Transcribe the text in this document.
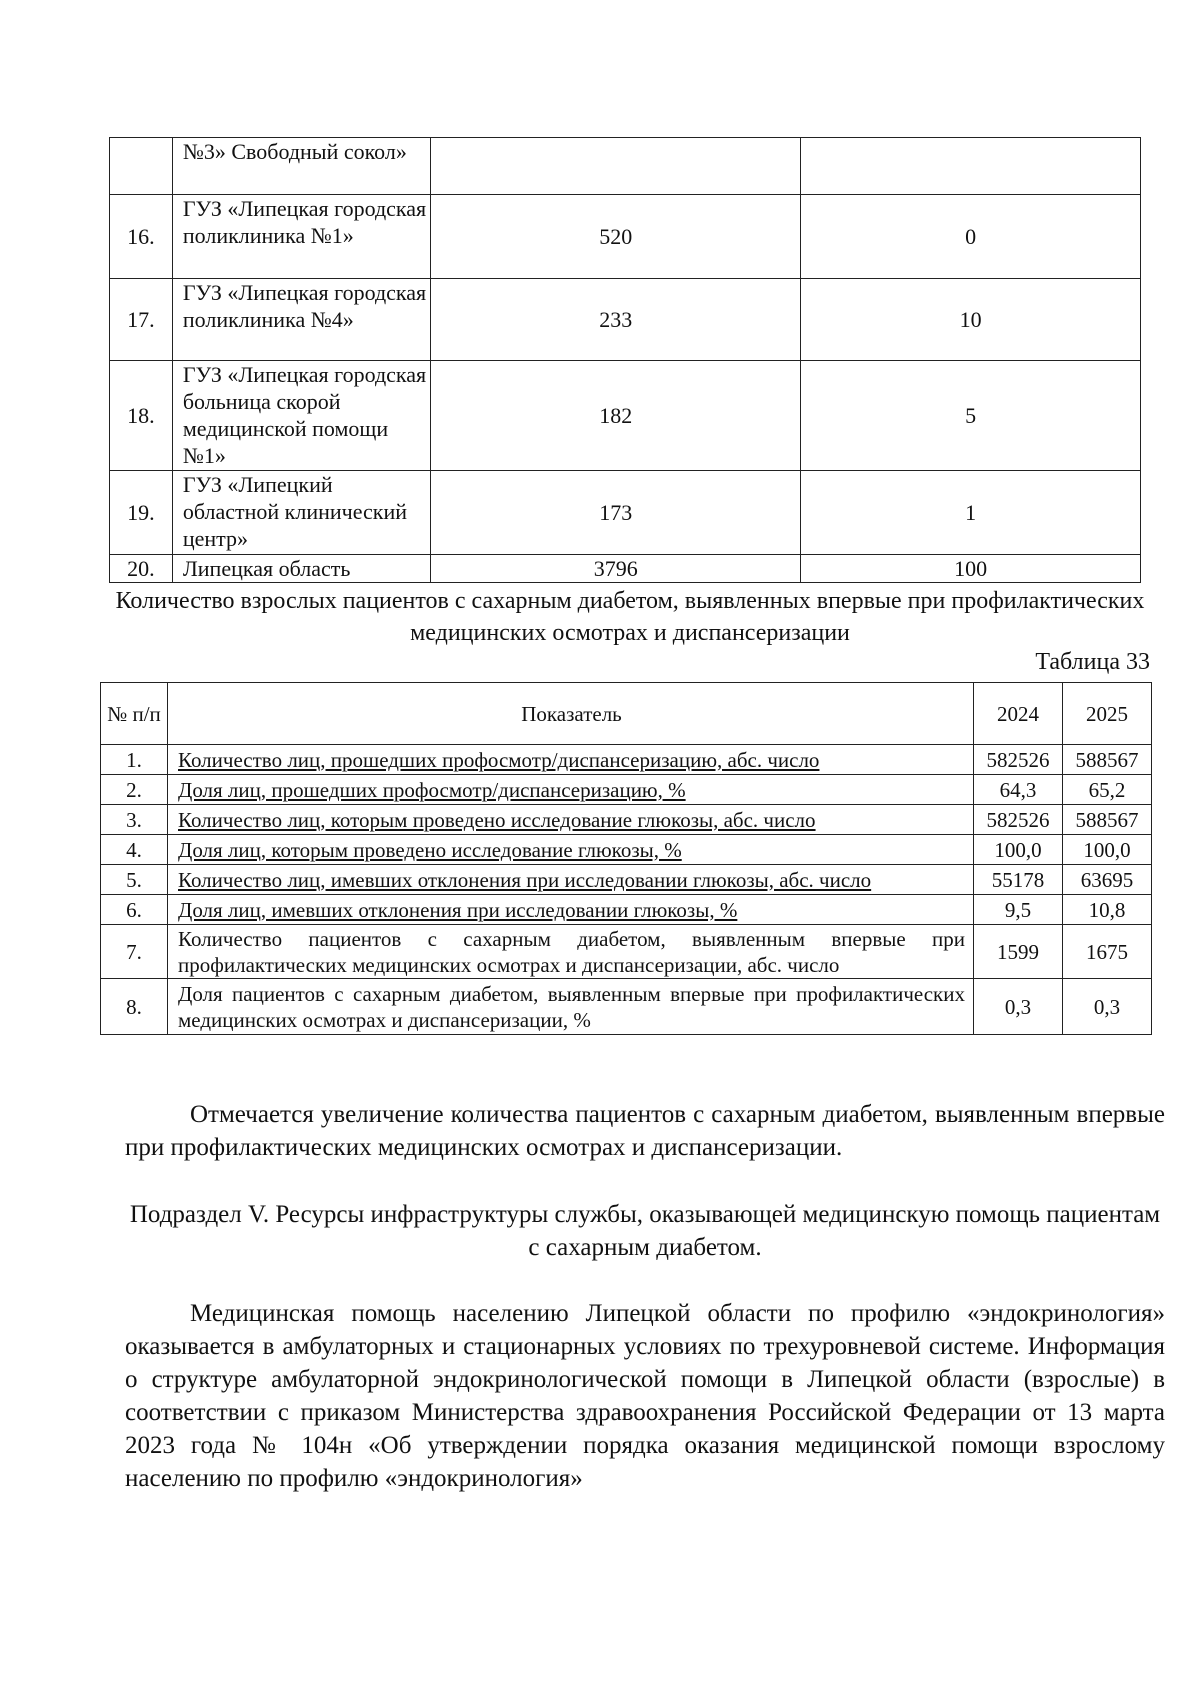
	№3» Свободный сокол»		
16.	ГУЗ «Липецкая городская поликлиника №1»	520	0
17.	ГУЗ «Липецкая городская поликлиника №4»	233	10
18.	ГУЗ «Липецкая городская больница скорой медицинской помощи №1»	182	5
19.	ГУЗ «Липецкий областной клинический центр»	173	1
20.	Липецкая область	3796	100
Количество взрослых пациентов с сахарным диабетом, выявленных впервые при профилактических медицинских осмотрах и диспансеризации
Таблица 33
№ п/п	Показатель	2024	2025
1.	Количество лиц, прошедших профосмотр/диспансеризацию, абс. число	582526	588567
2.	Доля лиц, прошедших профосмотр/диспансеризацию, %	64,3	65,2
3.	Количество лиц, которым проведено исследование глюкозы, абс. число	582526	588567
4.	Доля лиц, которым проведено исследование глюкозы, %	100,0	100,0
5.	Количество лиц, имевших отклонения при исследовании глюкозы, абс. число	55178	63695
6.	Доля лиц, имевших отклонения при исследовании глюкозы, %	9,5	10,8
7.	Количество пациентов с сахарным диабетом, выявленным впервые при профилактических медицинских осмотрах и диспансеризации, абс. число	1599	1675
8.	Доля пациентов с сахарным диабетом, выявленным впервые при профилактических медицинских осмотрах и диспансеризации, %	0,3	0,3
Отмечается увеличение количества пациентов с сахарным диабетом, выявленным впервые при профилактических медицинских осмотрах и диспансеризации.
Подраздел V. Ресурсы инфраструктуры службы, оказывающей медицинскую помощь пациентам с сахарным диабетом.
Медицинская помощь населению Липецкой области по профилю «эндокринология» оказывается в амбулаторных и стационарных условиях по трехуровневой системе. Информация о структуре амбулаторной эндокринологической помощи в Липецкой области (взрослые) в соответствии с приказом Министерства здравоохранения Российской Федерации от 13 марта 2023 года № 104н «Об утверждении порядка оказания медицинской помощи взрослому населению по профилю «эндокринология»
